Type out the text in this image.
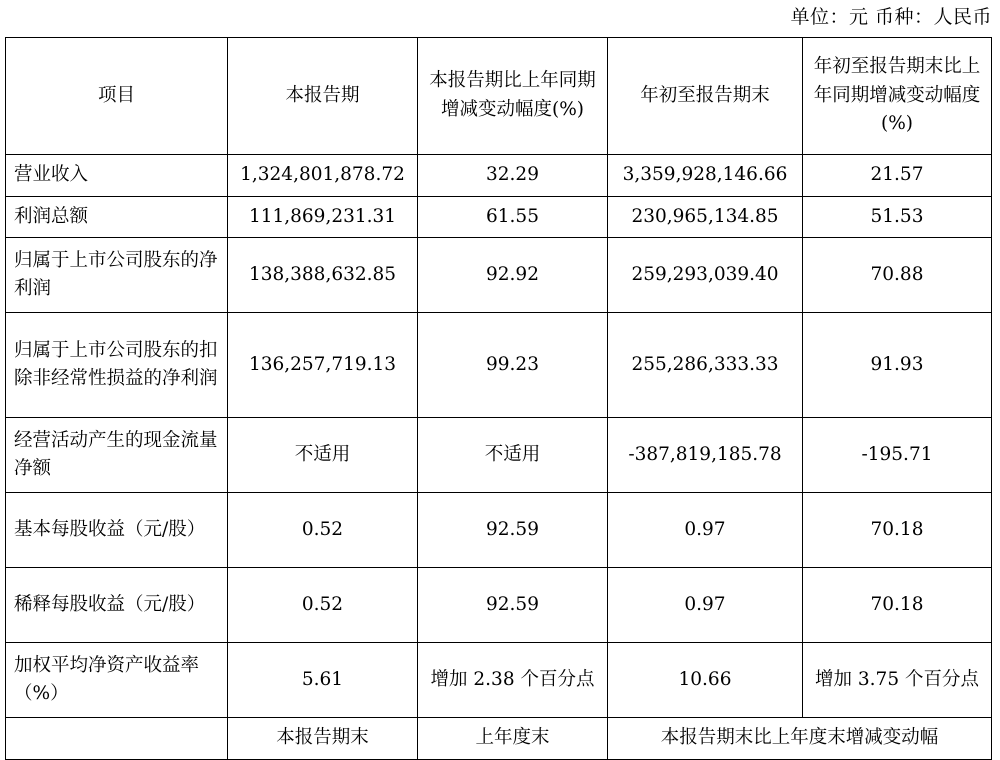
单位：元 币种：人民币
项目	本报告期	本报告期比上年同期增减变动幅度(%)	年初至报告期末	年初至报告期末比上年同期增减变动幅度(%)
营业收入	1,324,801,878.72	32.29	3,359,928,146.66	21.57
利润总额	111,869,231.31	61.55	230,965,134.85	51.53
归属于上市公司股东的净利润	138,388,632.85	92.92	259,293,039.40	70.88
归属于上市公司股东的扣除非经常性损益的净利润	136,257,719.13	99.23	255,286,333.33	91.93
经营活动产生的现金流量净额	不适用	不适用	-387,819,185.78	-195.71
基本每股收益（元/股）	0.52	92.59	0.97	70.18
稀释每股收益（元/股）	0.52	92.59	0.97	70.18
加权平均净资产收益率（%）	5.61	增加 2.38 个百分点	10.66	增加 3.75 个百分点
	本报告期末	上年度末	本报告期末比上年度末增减变动幅	
